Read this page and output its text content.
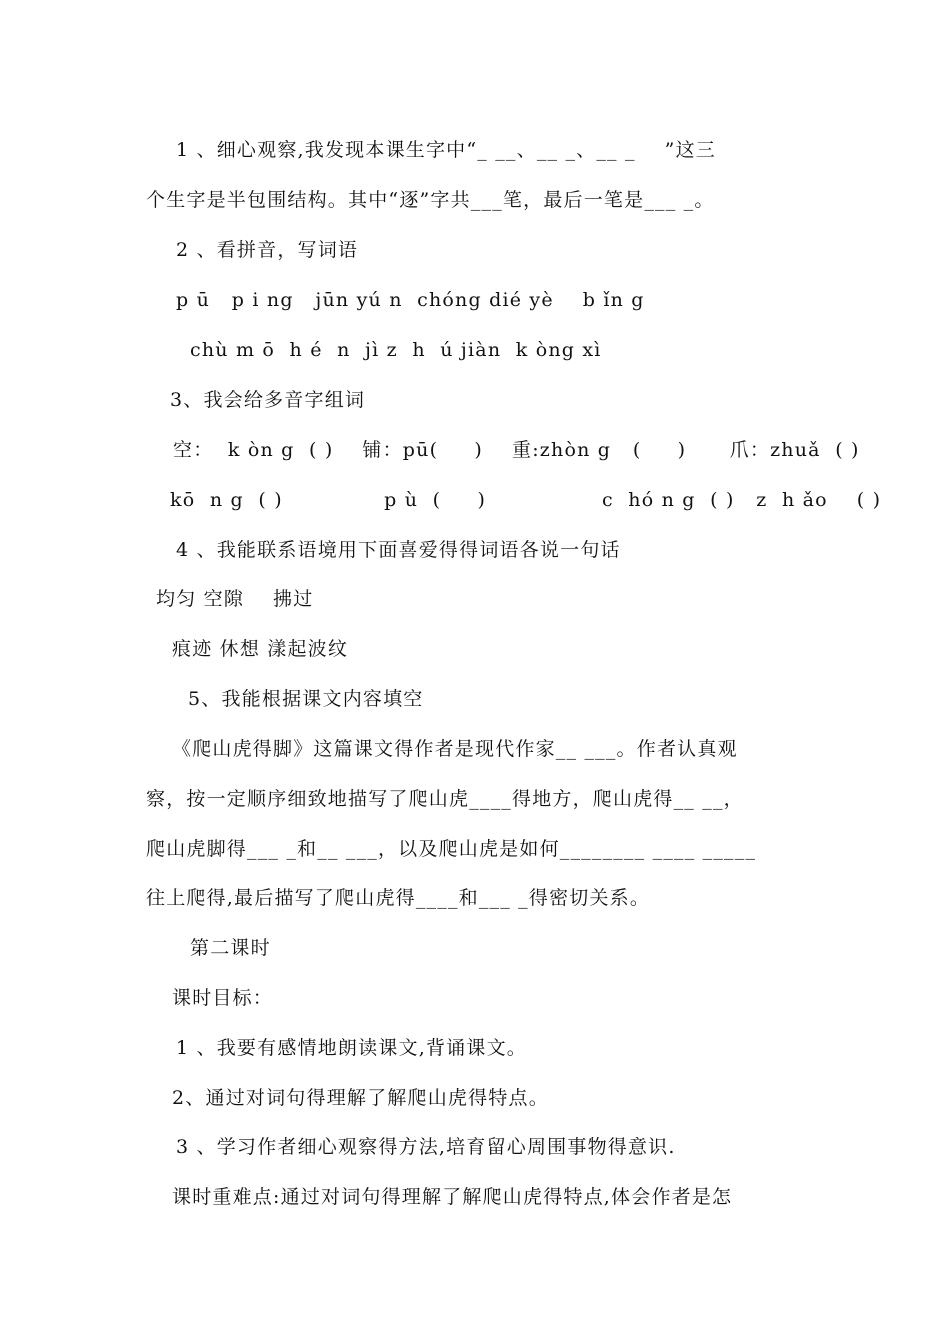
1 、细心观察,我发现本课生字中“_ __、__ _、__ _    ”这三
个生字是半包围结构。其中“逐”字共___笔，最后一笔是___ _。
2 、看拼音，写词语
p ū   p i ng   jūn yú n  chóng dié yè    b ǐn g
chù m ō  h é  n  jì z  h  ú jiàn  k òng xì
3、我会给多音字组词
空：  k òn g  ( )    铺：pū(     )    重:zhòn g   (     )      爪：zhuǎ  ( )
kō  n g  ( )              p ù  (     )                c  hó n g  ( )   z  h ǎo    ( )
4 、我能联系语境用下面喜爱得得词语各说一句话
均匀 空隙    拂过
痕迹 休想 漾起波纹
5、我能根据课文内容填空
《爬山虎得脚》这篇课文得作者是现代作家__ ___。作者认真观
察，按一定顺序细致地描写了爬山虎____得地方，爬山虎得__ __，
爬山虎脚得___ _和__ ___，以及爬山虎是如何________ ____ _____
往上爬得,最后描写了爬山虎得____和___ _得密切关系。
第二课时
课时目标：
1 、我要有感情地朗读课文,背诵课文。
2、通过对词句得理解了解爬山虎得特点。
3 、学习作者细心观察得方法,培育留心周围事物得意识.
课时重难点:通过对词句得理解了解爬山虎得特点,体会作者是怎
